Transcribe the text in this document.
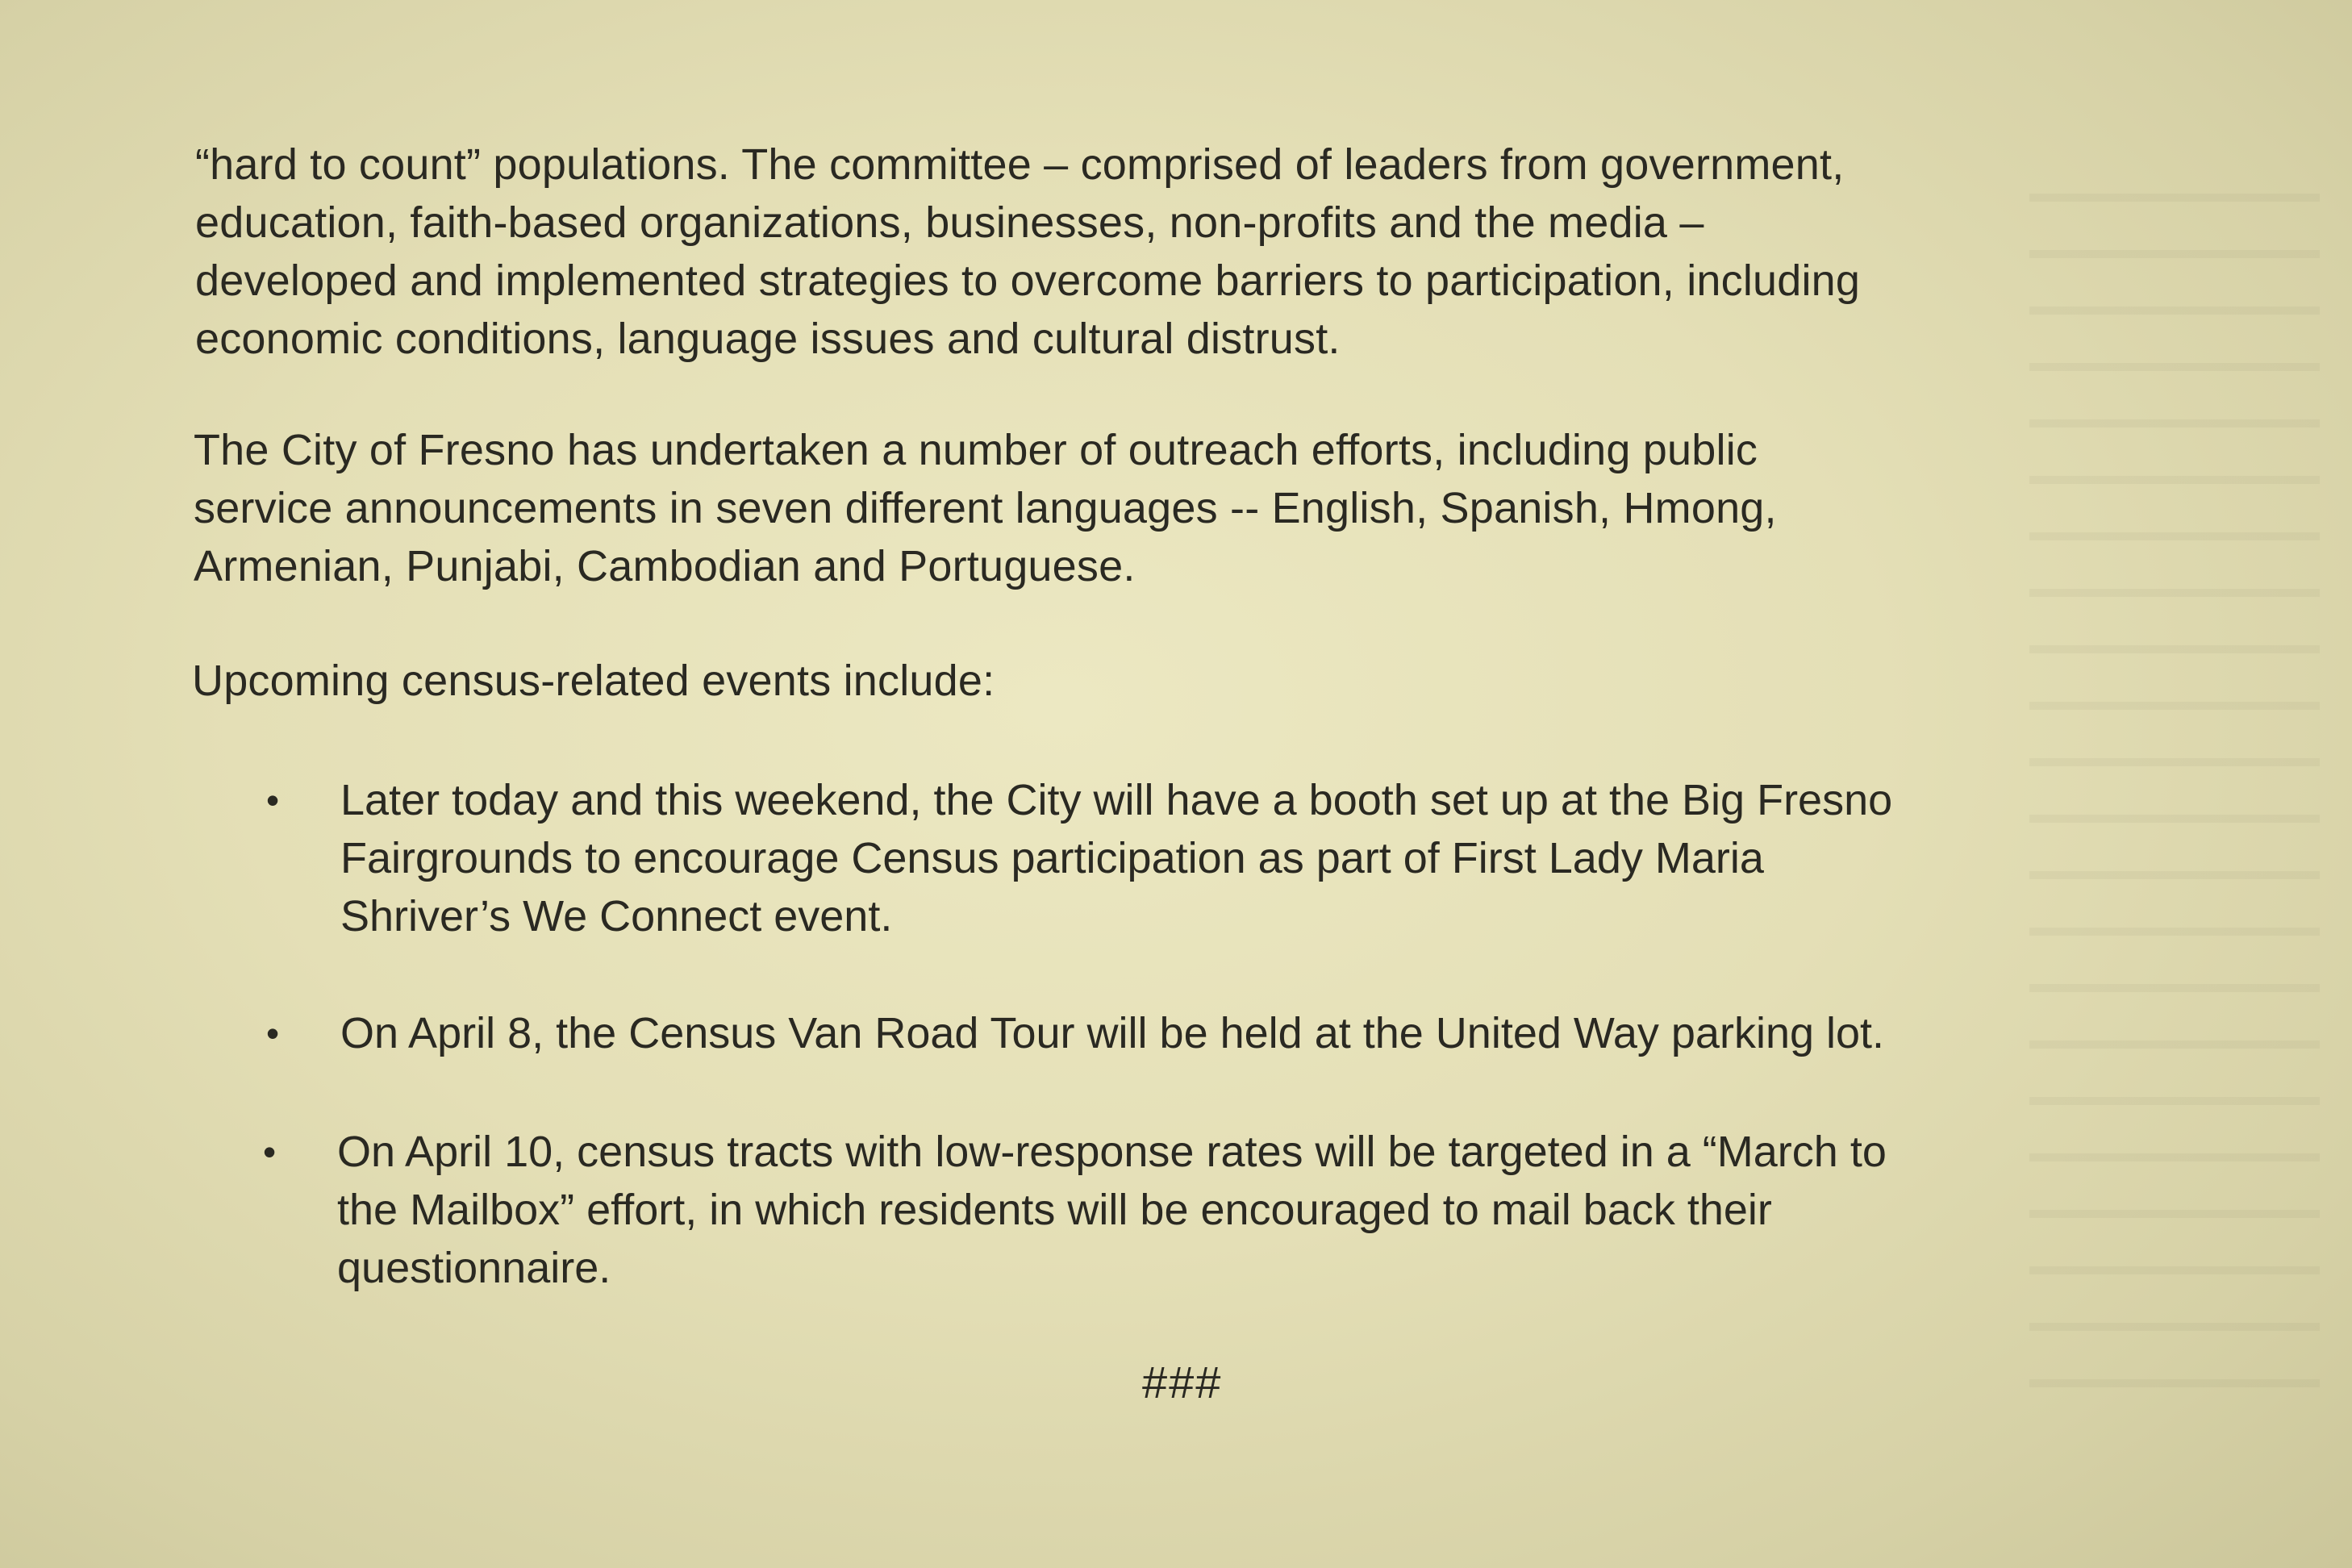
“hard to count” populations. The committee – comprised of leaders from government,
education, faith-based organizations, businesses, non-profits and the media –
developed and implemented strategies to overcome barriers to participation, including
economic conditions, language issues and cultural distrust.

The City of Fresno has undertaken a number of outreach efforts, including public
service announcements in seven different languages -- English, Spanish, Hmong,
Armenian, Punjabi, Cambodian and Portuguese.

Upcoming census-related events include:

•	Later today and this weekend, the City will have a booth set up at the Big Fresno
Fairgrounds to encourage Census participation as part of First Lady Maria
Shriver’s We Connect event.

•	On April 8, the Census Van Road Tour will be held at the United Way parking lot.

•	On April 10, census tracts with low-response rates will be targeted in a “March to
the Mailbox” effort, in which residents will be encouraged to mail back their
questionnaire.

###
